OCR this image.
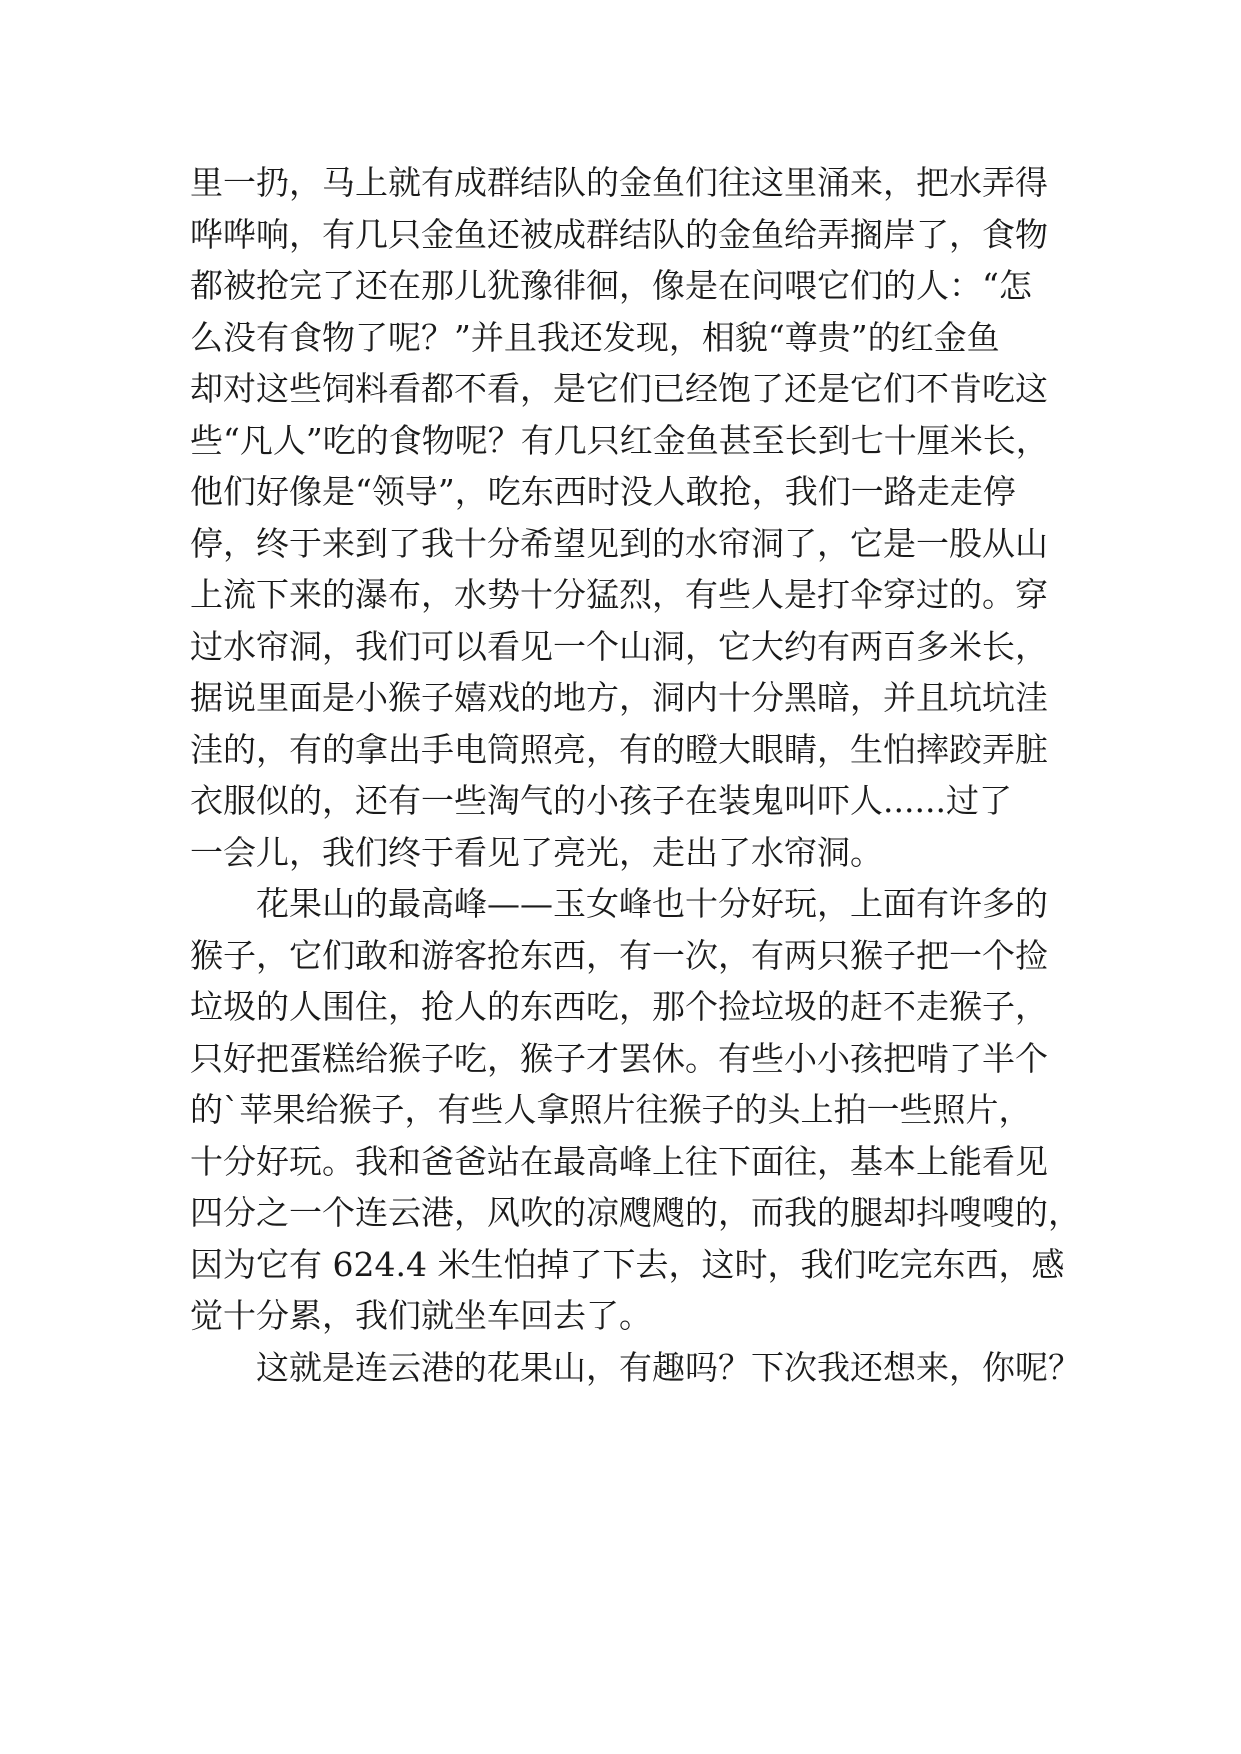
里一扔，马上就有成群结队的金鱼们往这里涌来，把水弄得
哗哗响，有几只金鱼还被成群结队的金鱼给弄搁岸了，食物
都被抢完了还在那儿犹豫徘徊，像是在问喂它们的人：“怎
么没有食物了呢？”并且我还发现，相貌“尊贵”的红金鱼
却对这些饲料看都不看，是它们已经饱了还是它们不肯吃这
些“凡人”吃的食物呢？有几只红金鱼甚至长到七十厘米长，
他们好像是“领导”，吃东西时没人敢抢，我们一路走走停
停，终于来到了我十分希望见到的水帘洞了，它是一股从山
上流下来的瀑布，水势十分猛烈，有些人是打伞穿过的。穿
过水帘洞，我们可以看见一个山洞，它大约有两百多米长，
据说里面是小猴子嬉戏的地方，洞内十分黑暗，并且坑坑洼
洼的，有的拿出手电筒照亮，有的瞪大眼睛，生怕摔跤弄脏
衣服似的，还有一些淘气的小孩子在装鬼叫吓人......过了
一会儿，我们终于看见了亮光，走出了水帘洞。
花果山的最高峰——玉女峰也十分好玩，上面有许多的
猴子，它们敢和游客抢东西，有一次，有两只猴子把一个捡
垃圾的人围住，抢人的东西吃，那个捡垃圾的赶不走猴子，
只好把蛋糕给猴子吃，猴子才罢休。有些小小孩把啃了半个
的`苹果给猴子，有些人拿照片往猴子的头上拍一些照片，
十分好玩。我和爸爸站在最高峰上往下面往，基本上能看见
四分之一个连云港，风吹的凉飕飕的，而我的腿却抖嗖嗖的，
因为它有 624.4 米生怕掉了下去，这时，我们吃完东西，感
觉十分累，我们就坐车回去了。
这就是连云港的花果山，有趣吗？下次我还想来，你呢？
